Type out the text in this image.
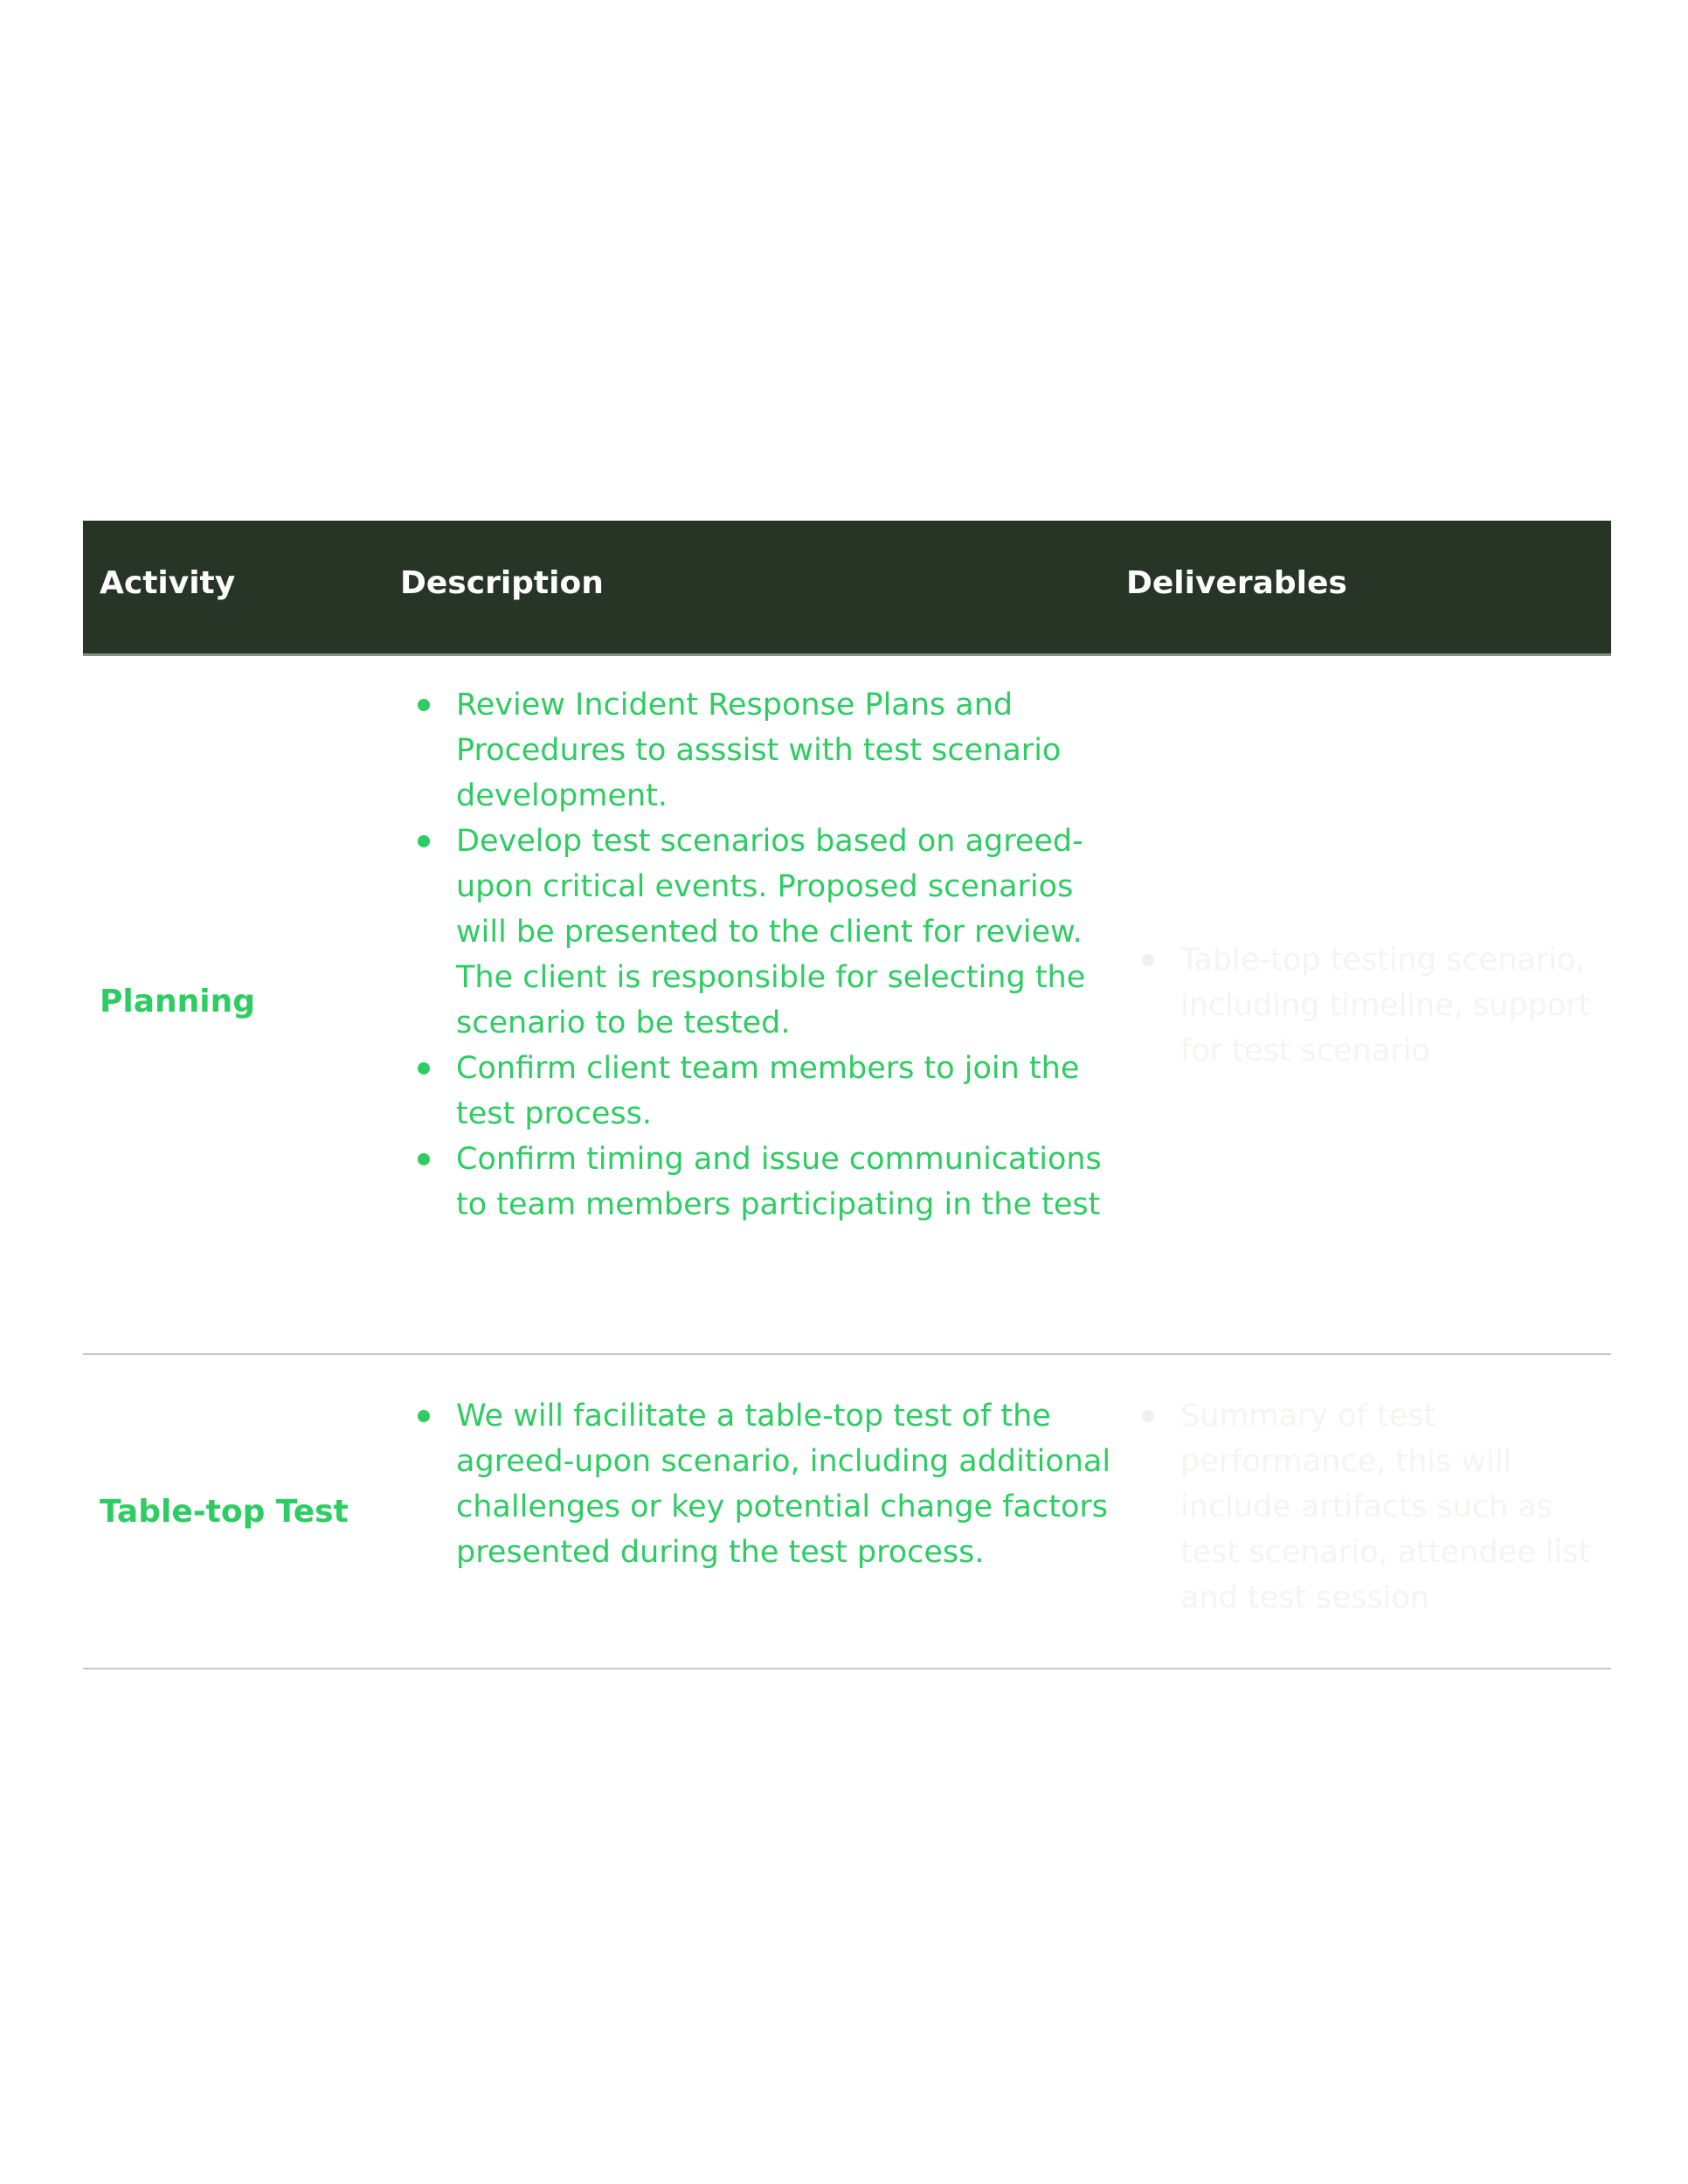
Activity	Description	Deliverables
Planning
Review Incident Response Plans and Procedures to asssist with test scenario development.
Develop test scenarios based on agreed-upon critical events. Proposed scenarios will be presented to the client for review. The client is responsible for selecting the scenario to be tested.
Confirm client team members to join the test process.
Confirm timing and issue communications to team members participating in the test
Table-top testing scenario, including timeline, support for test scenario
Table-top Test
We will facilitate a table-top test of the agreed-upon scenario, including additional challenges or key potential change factors presented during the test process.
Summary of test performance, this will include artifacts such as test scenario, attendee list and test session
